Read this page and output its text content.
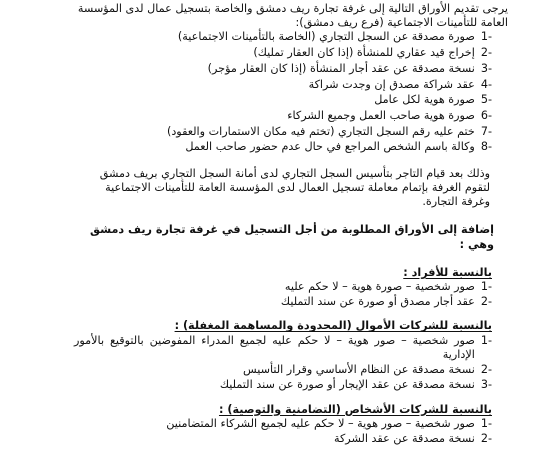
يرجى تقديم الأوراق التالية إلى غرفة تجارة ريف دمشق والخاصة بتسجيل عمال لدى المؤسسة العامة للتأمينات الاجتماعية (فرع ريف دمشق):

-1
صورة مصدقة عن السجل التجاري (الخاصة بالتأمينات الاجتماعية)
-2
إخراج قيد عقاري للمنشأة (إذا كان العقار تمليك)
-3
نسخة مصدقة عن عقد أجار المنشأة (إذا كان العقار مؤجر)
-4
عقد شراكة مصدق إن وجدت شراكة
-5
صورة هوية لكل عامل
-6
صورة هوية صاحب العمل وجميع الشركاء
-7
ختم عليه رقم السجل التجاري (تختم فيه مكان الاستمارات والعقود)
-8
وكالة باسم الشخص المراجع في حال عدم حضور صاحب العمل

وذلك بعد قيام التاجر بتأسيس السجل التجاري لدى أمانة السجل التجاري بريف دمشق لتقوم الغرفة بإتمام معاملة تسجيل العمال لدى المؤسسة العامة للتأمينات الاجتماعية وغرفة التجارة.

إضافة إلى الأوراق المطلوبة من أجل التسجيل في غرفة تجارة ريف دمشق وهي :

بالنسبة للأفراد :

-1
صور شخصية – صورة هوية – لا حكم عليه
-2
عقد أجار مصدق أو صورة عن سند التمليك

بالنسبة للشركات الأموال (المحدودة والمساهمة المغفلة) :

-1
صور شخصية – صور هوية – لا حكم عليه لجميع المدراء المفوضين بالتوقيع بالأمور الإدارية
-2
نسخة مصدقة عن النظام الأساسي وقرار التأسيس
-3
نسخة مصدقة عن عقد الإيجار أو صورة عن سند التمليك

بالنسبة للشركات الأشخاص (التضامنية والتوصية) :

-1
صور شخصية – صور هوية – لا حكم عليه لجميع الشركاء المتضامنين
-2
نسخة مصدقة عن عقد الشركة
